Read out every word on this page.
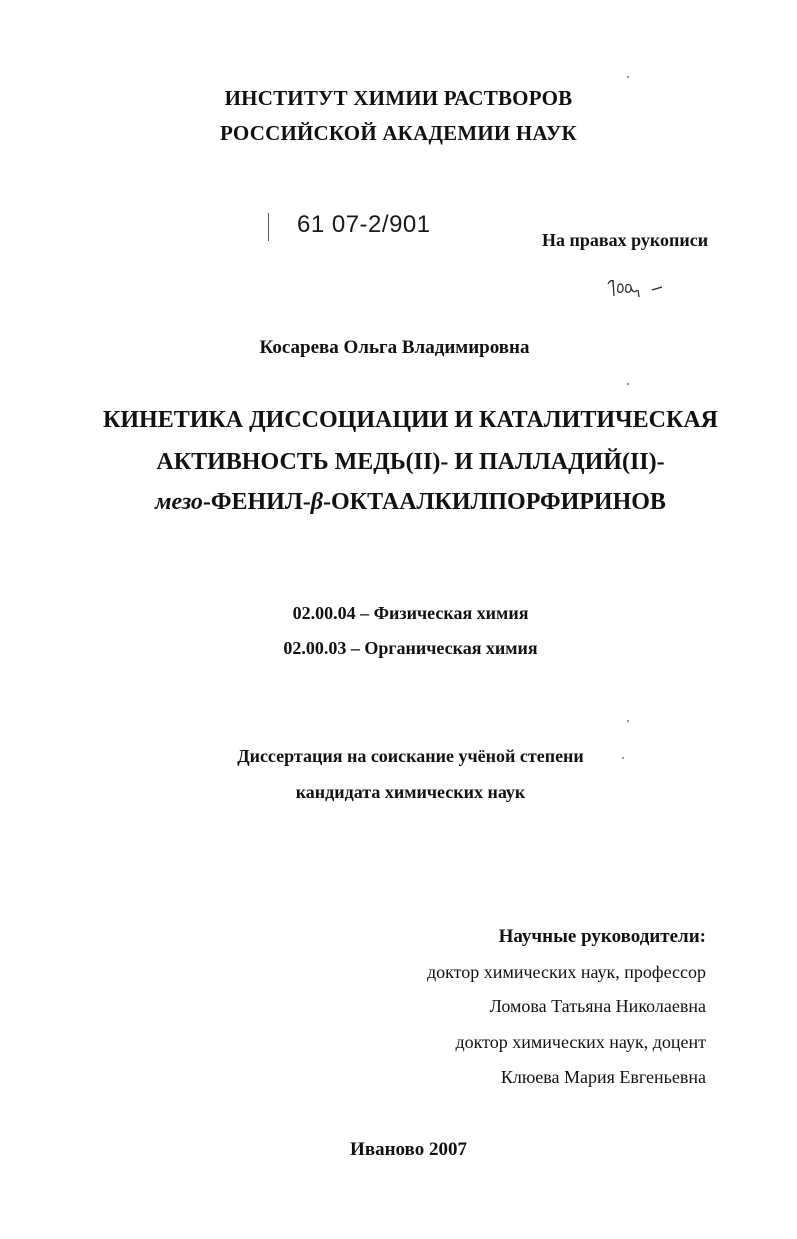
ИНСТИТУТ ХИМИИ РАСТВОРОВ
РОССИЙСКОЙ АКАДЕМИИ НАУК
61 07-2/901
На правах рукописи
Косарева Ольга Владимировна
КИНЕТИКА ДИССОЦИАЦИИ И КАТАЛИТИЧЕСКАЯ
АКТИВНОСТЬ МЕДЬ(II)- И ПАЛЛАДИЙ(II)-
мезо-ФЕНИЛ-β-ОКТААЛКИЛПОРФИРИНОВ
02.00.04 – Физическая химия
02.00.03 – Органическая химия
Диссертация на соискание учёной степени
кандидата химических наук
Научные руководители:
доктор химических наук, профессор
Ломова Татьяна Николаевна
доктор химических наук, доцент
Клюева Мария Евгеньевна
Иваново 2007
